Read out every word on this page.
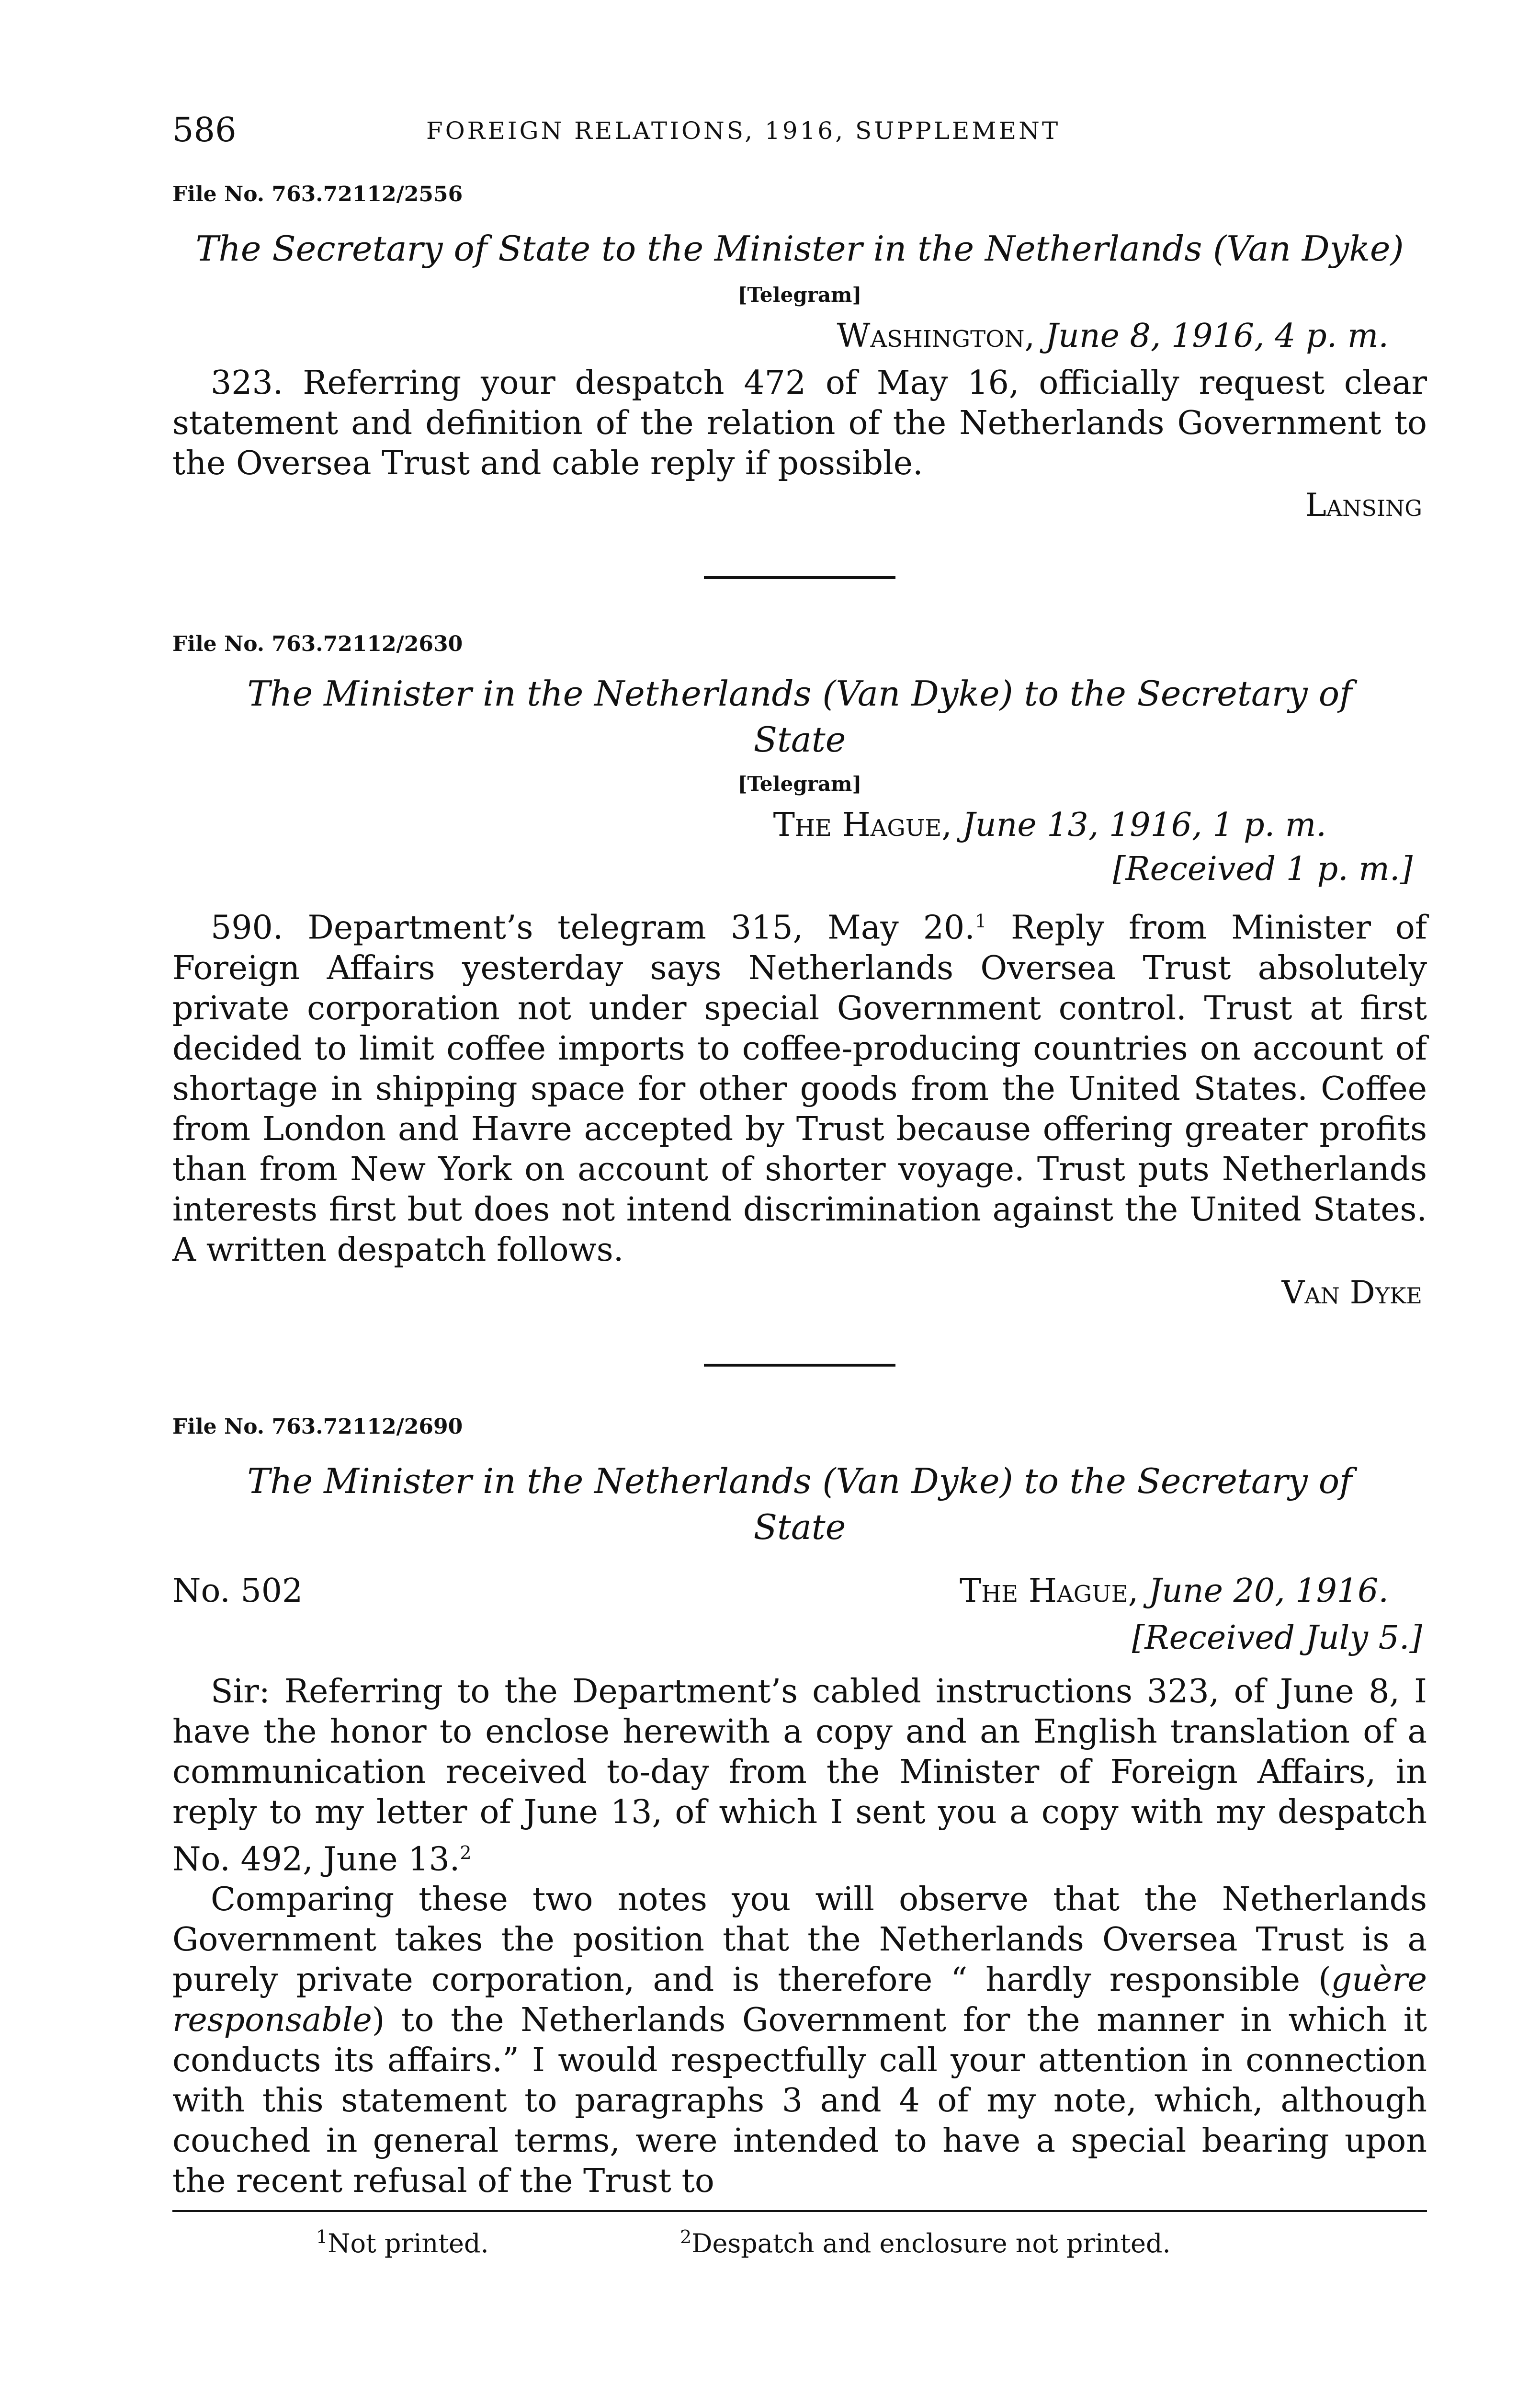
586	FOREIGN RELATIONS, 1916, SUPPLEMENT

File No. 763.72112/2556

The Secretary of State to the Minister in the Netherlands (Van Dyke)

[Telegram]

Washington, June 8, 1916, 4 p. m.

323. Referring your despatch 472 of May 16, officially request clear statement and definition of the relation of the Netherlands Government to the Oversea Trust and cable reply if possible.

Lansing

File No. 763.72112/2630

The Minister in the Netherlands (Van Dyke) to the Secretary of
State

[Telegram]

The Hague, June 13, 1916, 1 p. m.

[Received 1 p. m.]

590. Department’s telegram 315, May 20.$^1$ Reply from Minister of Foreign Affairs yesterday says Netherlands Oversea Trust absolutely private corporation not under special Government control. Trust at first decided to limit coffee imports to coffee-producing countries on account of shortage in shipping space for other goods from the United States. Coffee from London and Havre accepted by Trust because offering greater profits than from New York on account of shorter voyage. Trust puts Netherlands interests first but does not intend discrimination against the United States. A written despatch follows.

Van Dyke

File No. 763.72112/2690

The Minister in the Netherlands (Van Dyke) to the Secretary of
State

No. 502	The Hague, June 20, 1916.

[Received July 5.]

Sir: Referring to the Department’s cabled instructions 323, of June 8, I have the honor to enclose herewith a copy and an English translation of a communication received to-day from the Minister of Foreign Affairs, in reply to my letter of June 13, of which I sent you a copy with my despatch No. 492, June 13.$^2$

Comparing these two notes you will observe that the Netherlands Government takes the position that the Netherlands Oversea Trust is a purely private corporation, and is therefore “ hardly responsible (guère responsable) to the Netherlands Government for the manner in which it conducts its affairs.” I would respectfully call your attention in connection with this statement to paragraphs 3 and 4 of my note, which, although couched in general terms, were intended to have a special bearing upon the recent refusal of the Trust to

$^1$Not printed.	$^2$Despatch and enclosure not printed.
